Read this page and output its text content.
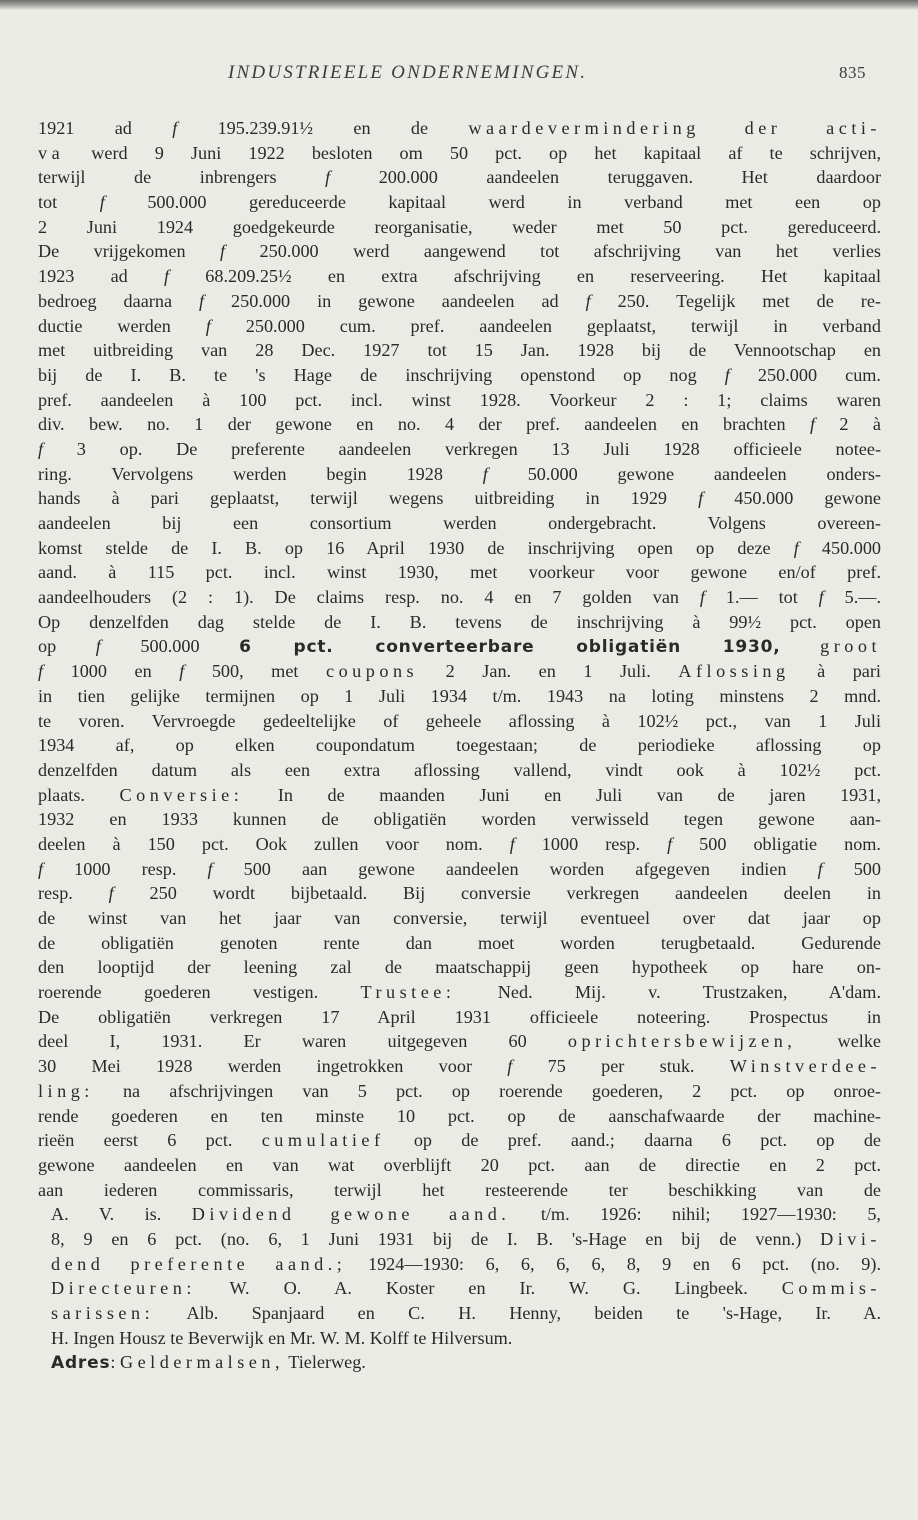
INDUSTRIEELE ONDERNEMINGEN.	835
1921 ad f 195.239.91½ en de waardevermindering der acti-
va werd 9 Juni 1922 besloten om 50 pct. op het kapitaal af te schrijven,
terwijl de inbrengers f 200.000 aandeelen teruggaven. Het daardoor
tot f 500.000 gereduceerde kapitaal werd in verband met een op
2 Juni 1924 goedgekeurde reorganisatie, weder met 50 pct. gereduceerd.
De vrijgekomen f 250.000 werd aangewend tot afschrijving van het verlies
1923 ad f 68.209.25½ en extra afschrijving en reserveering. Het kapitaal
bedroeg daarna f 250.000 in gewone aandeelen ad f 250. Tegelijk met de re-
ductie werden f 250.000 cum. pref. aandeelen geplaatst, terwijl in verband
met uitbreiding van 28 Dec. 1927 tot 15 Jan. 1928 bij de Vennootschap en
bij de I. B. te 's Hage de inschrijving openstond op nog f 250.000 cum.
pref. aandeelen à 100 pct. incl. winst 1928. Voorkeur 2 : 1; claims waren
div. bew. no. 1 der gewone en no. 4 der pref. aandeelen en brachten f 2 à
f 3 op. De preferente aandeelen verkregen 13 Juli 1928 officieele notee-
ring. Vervolgens werden begin 1928 f 50.000 gewone aandeelen onders-
hands à pari geplaatst, terwijl wegens uitbreiding in 1929 f 450.000 gewone
aandeelen bij een consortium werden ondergebracht. Volgens overeen-
komst stelde de I. B. op 16 April 1930 de inschrijving open op deze f 450.000
aand. à 115 pct. incl. winst 1930, met voorkeur voor gewone en/of pref.
aandeelhouders (2 : 1). De claims resp. no. 4 en 7 golden van f 1.— tot f 5.—.
Op denzelfden dag stelde de I. B. tevens de inschrijving à 99½ pct. open
op f 500.000 6 pct. converteerbare obligatiën 1930, groot
f 1000 en f 500, met coupons 2 Jan. en 1 Juli. Aflossing à pari
in tien gelijke termijnen op 1 Juli 1934 t/m. 1943 na loting minstens 2 mnd.
te voren. Vervroegde gedeeltelijke of geheele aflossing à 102½ pct., van 1 Juli
1934 af, op elken coupondatum toegestaan; de periodieke aflossing op
denzelfden datum als een extra aflossing vallend, vindt ook à 102½ pct.
plaats. Conversie: In de maanden Juni en Juli van de jaren 1931,
1932 en 1933 kunnen de obligatiën worden verwisseld tegen gewone aan-
deelen à 150 pct. Ook zullen voor nom. f 1000 resp. f 500 obligatie nom.
f 1000 resp. f 500 aan gewone aandeelen worden afgegeven indien f 500
resp. f 250 wordt bijbetaald. Bij conversie verkregen aandeelen deelen in
de winst van het jaar van conversie, terwijl eventueel over dat jaar op
de obligatiën genoten rente dan moet worden terugbetaald. Gedurende
den looptijd der leening zal de maatschappij geen hypotheek op hare on-
roerende goederen vestigen. Trustee: Ned. Mij. v. Trustzaken, A'dam.
De obligatiën verkregen 17 April 1931 officieele noteering. Prospectus in
deel I, 1931. Er waren uitgegeven 60 oprichtersbewijzen, welke
30 Mei 1928 werden ingetrokken voor f 75 per stuk. Winstverdee-
ling: na afschrijvingen van 5 pct. op roerende goederen, 2 pct. op onroe-
rende goederen en ten minste 10 pct. op de aanschafwaarde der machine-
rieën eerst 6 pct. cumulatief op de pref. aand.; daarna 6 pct. op de
gewone aandeelen en van wat overblijft 20 pct. aan de directie en 2 pct.
aan iederen commissaris, terwijl het resteerende ter beschikking van de
A. V. is. Dividend gewone aand. t/m. 1926: nihil; 1927—1930: 5,
8, 9 en 6 pct. (no. 6, 1 Juni 1931 bij de I. B. 's-Hage en bij de venn.) Divi-
dend preferente aand.; 1924—1930: 6, 6, 6, 6, 8, 9 en 6 pct. (no. 9).
Directeuren: W. O. A. Koster en Ir. W. G. Lingbeek. Commis-
sarissen: Alb. Spanjaard en C. H. Henny, beiden te 's-Hage, Ir. A.
H. Ingen Housz te Beverwijk en Mr. W. M. Kolff te Hilversum.
Adres: Geldermalsen, Tielerweg.
